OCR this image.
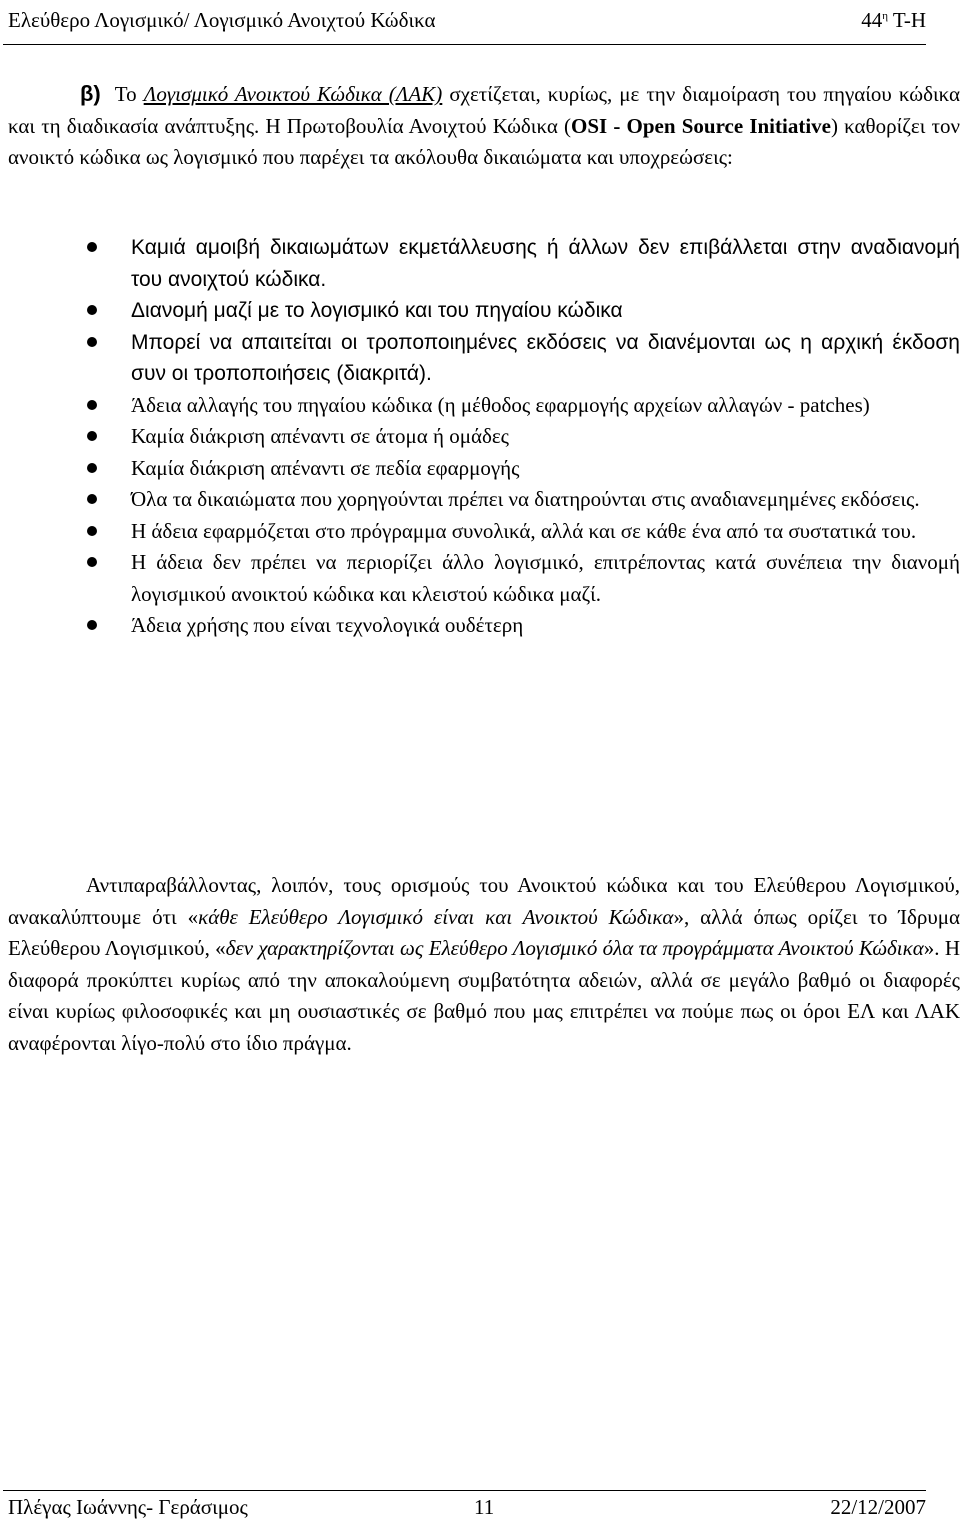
Ελεύθερο Λογισμικό/ Λογισμικό Ανοιχτού Κώδικα	$44^\eta$ Τ-Η

β) Το Λογισμικό Ανοικτού Κώδικα (ΛΑΚ) σχετίζεται, κυρίως, με την διαμοίραση του πηγαίου κώδικα και τη διαδικασία ανάπτυξης. Η Πρωτοβουλία Ανοιχτού Κώδικα (OSI - Open Source Initiative) καθορίζει τον ανοικτό κώδικα ως λογισμικό που παρέχει τα ακόλουθα δικαιώματα και υποχρεώσεις:

Καμιά αμοιβή δικαιωμάτων εκμετάλλευσης ή άλλων δεν επιβάλλεται στην αναδιανομή του ανοιχτού κώδικα.
Διανομή μαζί με το λογισμικό και του πηγαίου κώδικα
Μπορεί να απαιτείται οι τροποποιημένες εκδόσεις να διανέμονται ως η αρχική έκδοση συν οι τροποποιήσεις (διακριτά).
Άδεια αλλαγής του πηγαίου κώδικα (η μέθοδος εφαρμογής αρχείων αλλαγών - patches)
Καμία διάκριση απέναντι σε άτομα ή ομάδες
Καμία διάκριση απέναντι σε πεδία εφαρμογής
Όλα τα δικαιώματα που χορηγούνται πρέπει να διατηρούνται στις αναδιανεμημένες εκδόσεις.
Η άδεια εφαρμόζεται στο πρόγραμμα συνολικά, αλλά και σε κάθε ένα από τα συστατικά του.
Η άδεια δεν πρέπει να περιορίζει άλλο λογισμικό, επιτρέποντας κατά συνέπεια την διανομή λογισμικού ανοικτού κώδικα και κλειστού κώδικα μαζί.
Άδεια χρήσης που είναι τεχνολογικά ουδέτερη

Αντιπαραβάλλοντας, λοιπόν, τους ορισμούς του Ανοικτού κώδικα και του Ελεύθερου Λογισμικού, ανακαλύπτουμε ότι «κάθε Ελεύθερο Λογισμικό είναι και Ανοικτού Κώδικα», αλλά όπως ορίζει το Ίδρυμα Ελεύθερου Λογισμικού, «δεν χαρακτηρίζονται ως Ελεύθερο Λογισμικό όλα τα προγράμματα Ανοικτού Κώδικα». Η διαφορά προκύπτει κυρίως από την αποκαλούμενη συμβατότητα αδειών, αλλά σε μεγάλο βαθμό οι διαφορές είναι κυρίως φιλοσοφικές και μη ουσιαστικές σε βαθμό που μας επιτρέπει να πούμε πως οι όροι ΕΛ και ΛΑΚ αναφέρονται λίγο-πολύ στο ίδιο πράγμα.

Πλέγας Ιωάννης- Γεράσιμος	11	22/12/2007
